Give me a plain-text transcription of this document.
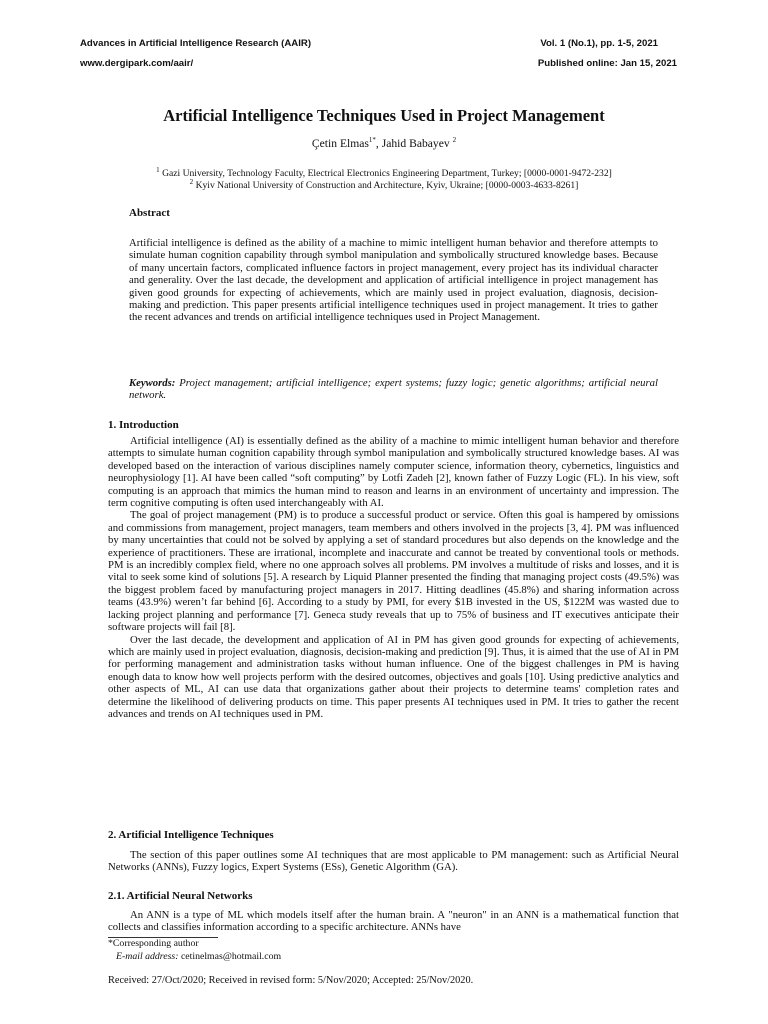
Advances in Artificial Intelligence Research (AAIR)	Vol. 1 (No.1), pp. 1-5, 2021
www.dergipark.com/aair/	Published online: Jan 15, 2021
Artificial Intelligence Techniques Used in Project Management
Çetin Elmas$^{1*}$, Jahid Babayev $^2$
$^1$ Gazi University, Technology Faculty, Electrical Electronics Engineering Department, Turkey; [0000-0001-9472-232]
$^2$ Kyiv National University of Construction and Architecture, Kyiv, Ukraine; [0000-0003-4633-8261]
Abstract
Artificial intelligence is defined as the ability of a machine to mimic intelligent human behavior and therefore attempts to simulate human cognition capability through symbol manipulation and symbolically structured knowledge bases. Because of many uncertain factors, complicated influence factors in project management, every project has its individual character and generality. Over the last decade, the development and application of artificial intelligence in project management has given good grounds for expecting of achievements, which are mainly used in project evaluation, diagnosis, decision-making and prediction. This paper presents artificial intelligence techniques used in project management. It tries to gather the recent advances and trends on artificial intelligence techniques used in Project Management.
Keywords: Project management; artificial intelligence; expert systems; fuzzy logic; genetic algorithms; artificial neural network.
1. Introduction

Artificial intelligence (AI) is essentially defined as the ability of a machine to mimic intelligent human behavior and therefore attempts to simulate human cognition capability through symbol manipulation and symbolically structured knowledge bases. AI was developed based on the interaction of various disciplines namely computer science, information theory, cybernetics, linguistics and neurophysiology [1]. AI have been called “soft computing” by Lotfi Zadeh [2], known father of Fuzzy Logic (FL). In his view, soft computing is an approach that mimics the human mind to reason and learns in an environment of uncertainty and impression. The term cognitive computing is often used interchangeably with AI.

The goal of project management (PM) is to produce a successful product or service. Often this goal is hampered by omissions and commissions from management, project managers, team members and others involved in the projects [3, 4]. PM was influenced by many uncertainties that could not be solved by applying a set of standard procedures but also depends on the knowledge and the experience of practitioners. These are irrational, incomplete and inaccurate and cannot be treated by conventional tools or methods. PM is an incredibly complex field, where no one approach solves all problems. PM involves a multitude of risks and losses, and it is vital to seek some kind of solutions [5]. A research by Liquid Planner presented the finding that managing project costs (49.5%) was the biggest problem faced by manufacturing project managers in 2017. Hitting deadlines (45.8%) and sharing information across teams (43.9%) weren’t far behind [6]. According to a study by PMI, for every $1B invested in the US, $122M was wasted due to lacking project planning and performance [7]. Geneca study reveals that up to 75% of business and IT executives anticipate their software projects will fail [8].

Over the last decade, the development and application of AI in PM has given good grounds for expecting of achievements, which are mainly used in project evaluation, diagnosis, decision-making and prediction [9]. Thus, it is aimed that the use of AI in PM for performing management and administration tasks without human influence. One of the biggest challenges in PM is having enough data to know how well projects perform with the desired outcomes, objectives and goals [10]. Using predictive analytics and other aspects of ML, AI can use data that organizations gather about their projects to determine teams' completion rates and determine the likelihood of delivering products on time. This paper presents AI techniques used in PM. It tries to gather the recent advances and trends on AI techniques used in PM.

2. Artificial Intelligence Techniques

The section of this paper outlines some AI techniques that are most applicable to PM management: such as Artificial Neural Networks (ANNs), Fuzzy logics, Expert Systems (ESs), Genetic Algorithm (GA).

2.1. Artificial Neural Networks

An ANN is a type of ML which models itself after the human brain. A "neuron" in an ANN is a mathematical function that collects and classifies information according to a specific architecture. ANNs have

*Corresponding author
E-mail address: cetinelmas@hotmail.com
Received: 27/Oct/2020; Received in revised form: 5/Nov/2020; Accepted: 25/Nov/2020.
